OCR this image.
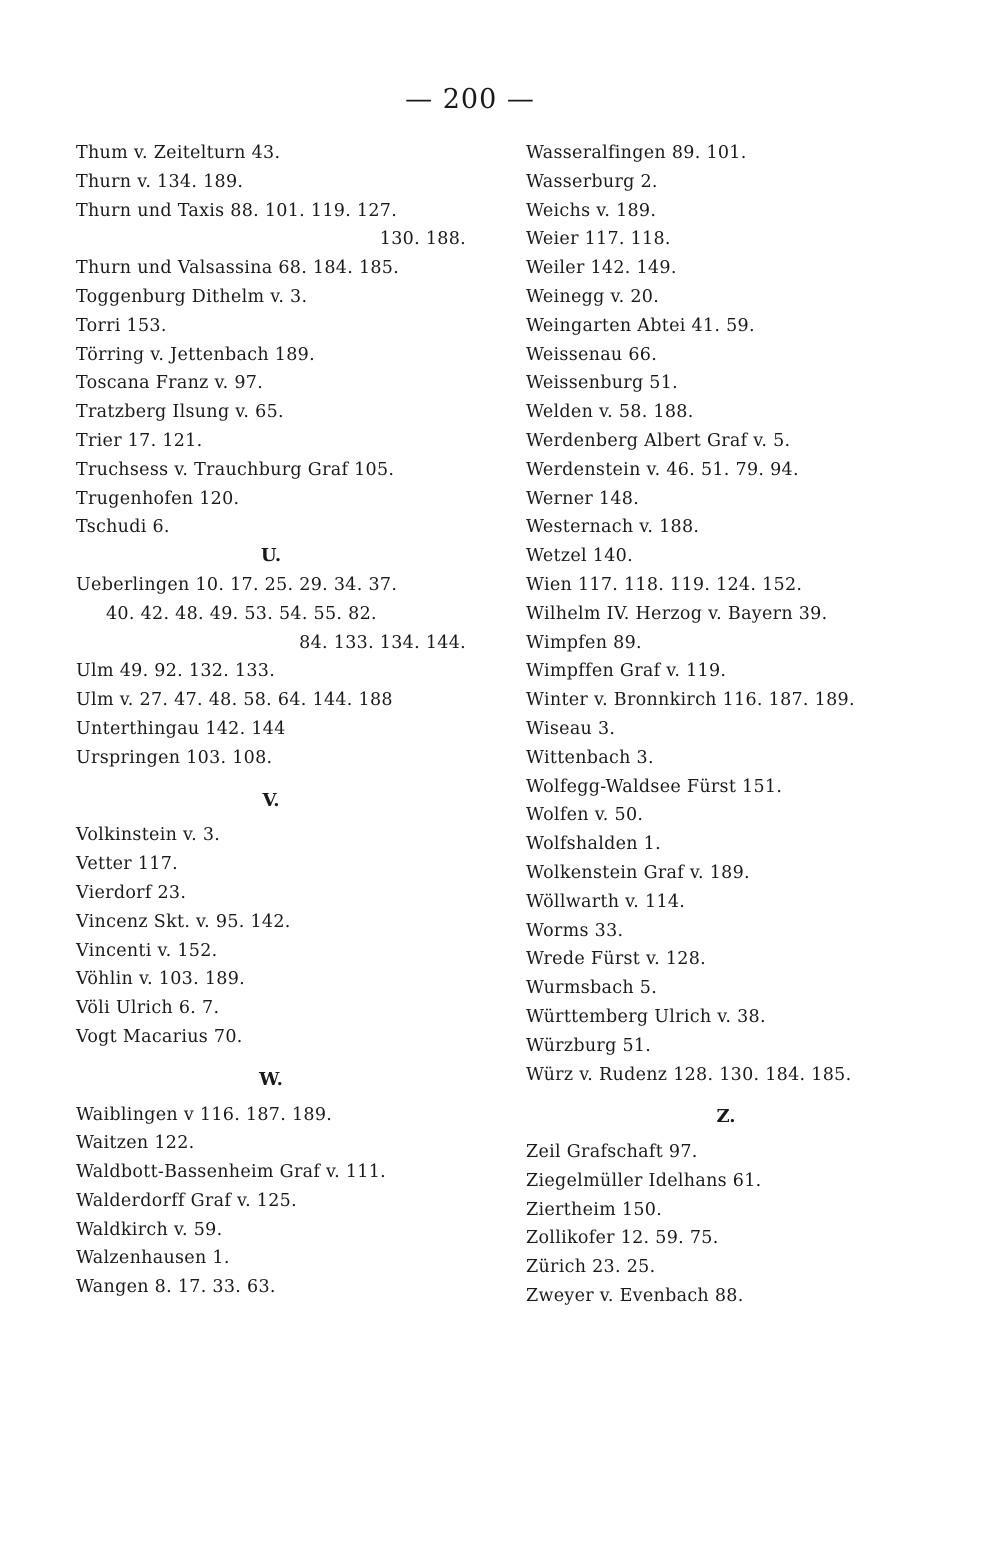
— 200 —
Thum v. Zeitelturn 43.
Thurn v. 134. 189.
Thurn und Taxis 88. 101. 119. 127.
130. 188.
Thurn und Valsassina 68. 184. 185.
Toggenburg Dithelm v. 3.
Torri 153.
Törring v. Jettenbach 189.
Toscana Franz v. 97.
Tratzberg Ilsung v. 65.
Trier 17. 121.
Truchsess v. Trauchburg Graf 105.
Trugenhofen 120.
Tschudi 6.
U.
Ueberlingen 10. 17. 25. 29. 34. 37.
40. 42. 48. 49. 53. 54. 55. 82.
84. 133. 134. 144.
Ulm 49. 92. 132. 133.
Ulm v. 27. 47. 48. 58. 64. 144. 188
Unterthingau 142. 144
Urspringen 103. 108.
V.
Volkinstein v. 3.
Vetter 117.
Vierdorf 23.
Vincenz Skt. v. 95. 142.
Vincenti v. 152.
Vöhlin v. 103. 189.
Völi Ulrich 6. 7.
Vogt Macarius 70.
W.
Waiblingen v 116. 187. 189.
Waitzen 122.
Waldbott-Bassenheim Graf v. 111.
Walderdorff Graf v. 125.
Waldkirch v. 59.
Walzenhausen 1.
Wangen 8. 17. 33. 63.
Wasseralfingen 89. 101.
Wasserburg 2.
Weichs v. 189.
Weier 117. 118.
Weiler 142. 149.
Weinegg v. 20.
Weingarten Abtei 41. 59.
Weissenau 66.
Weissenburg 51.
Welden v. 58. 188.
Werdenberg Albert Graf v. 5.
Werdenstein v. 46. 51. 79. 94.
Werner 148.
Westernach v. 188.
Wetzel 140.
Wien 117. 118. 119. 124. 152.
Wilhelm IV. Herzog v. Bayern 39.
Wimpfen 89.
Wimpffen Graf v. 119.
Winter v. Bronnkirch 116. 187. 189.
Wiseau 3.
Wittenbach 3.
Wolfegg-Waldsee Fürst 151.
Wolfen v. 50.
Wolfshalden 1.
Wolkenstein Graf v. 189.
Wöllwarth v. 114.
Worms 33.
Wrede Fürst v. 128.
Wurmsbach 5.
Württemberg Ulrich v. 38.
Würzburg 51.
Würz v. Rudenz 128. 130. 184. 185.
Z.
Zeil Grafschaft 97.
Ziegelmüller Idelhans 61.
Ziertheim 150.
Zollikofer 12. 59. 75.
Zürich 23. 25.
Zweyer v. Evenbach 88.
